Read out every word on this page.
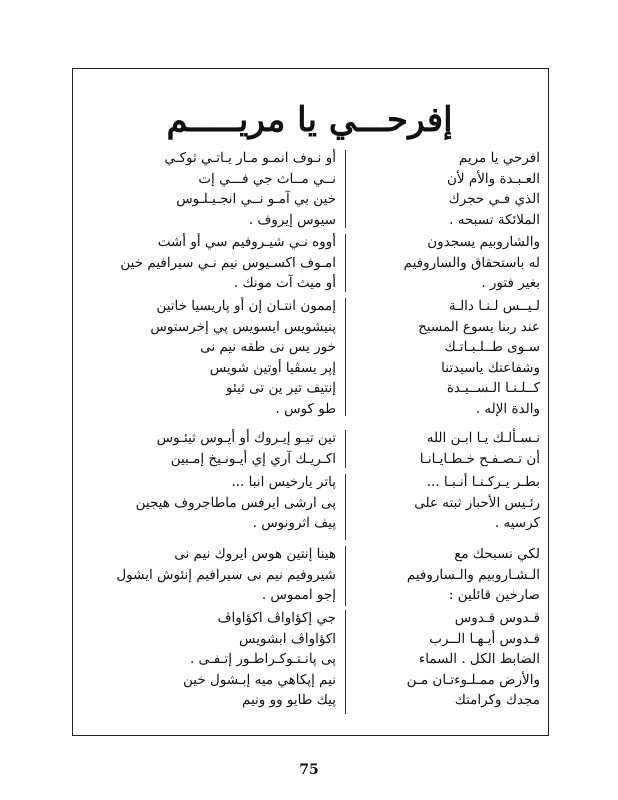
إفرحـــي يا مريـــــم
افرحي يا مريم
العـبـدة والأم لأن
الذي فـي حجرك
الملائكة تسبحه .
أو نـوف انمـو مـار يـاتـي ثوكـي
نــي مــاث جي فـــي إت
خين بي آمـو نــي انجـيـلـوس
سيوس إيروف .
والشاروبيم يسجدون
له باستحقاق والساروفيم
بغير فتور .
أووه نـي شيـروفيم سي أو أشت
امـوف اكسـيوس نيم نـي سيرافيم خين
أو ميث آت مونك .
لـيــس لـنـا دالـة
عند ربنا يسوع المسيح
سـوى طــلـبـاتـك
وشفاعتك ياسيدتنا
كــلـنـا الـســيـدة
والدة الإله .
إممون انتـان إن أو پاريسيا خاتين
پنيشويس ايسويس پي إخرستوس
خور يس نی طقه نيم نی
إپر يسڤيا أوتين شويس
إنتيف تير ين تی ثيئو
طو كوس .
نـسـألـك يـا ابـن الله
أن تـصـفـح خـطـايـانـا
تين تيـو إيـروك أو أيـوس ثيئـوس
اكـريـك آري إي أيـونـيخ إمـبين
بطـر يـركـنـا أنـبـا ...
رئـيس الأحبار ثبته على
كرسيه .
پاتر يارخيس انبا ...
پی ارشی ايرفس ماطاجروف هيجين
پيف اثرونوس .
لكي نسبحك مع
الـشـاروبيم والـساروفيم
صارخين قائلين :
هينا إنتين هوس ايروك نيم نی
شيروفيم نيم نی سيرافيم إنئوش ايشول
إجو امموس .
قـدوس قـدوس
قـدوس أيـهـا الــرب
الضابط الكل . السماء
والأرض ممـلـوءتـان مـن
مجدك وكرامتك
جي إكؤاواڤ اكؤاواڤ
اكؤاواڤ ابشويس
پی پانـتـوكـراطـور إتـفـی .
نيم إپكاهي ميه إبـشول خين
پيك طايو وو ونيم
75
